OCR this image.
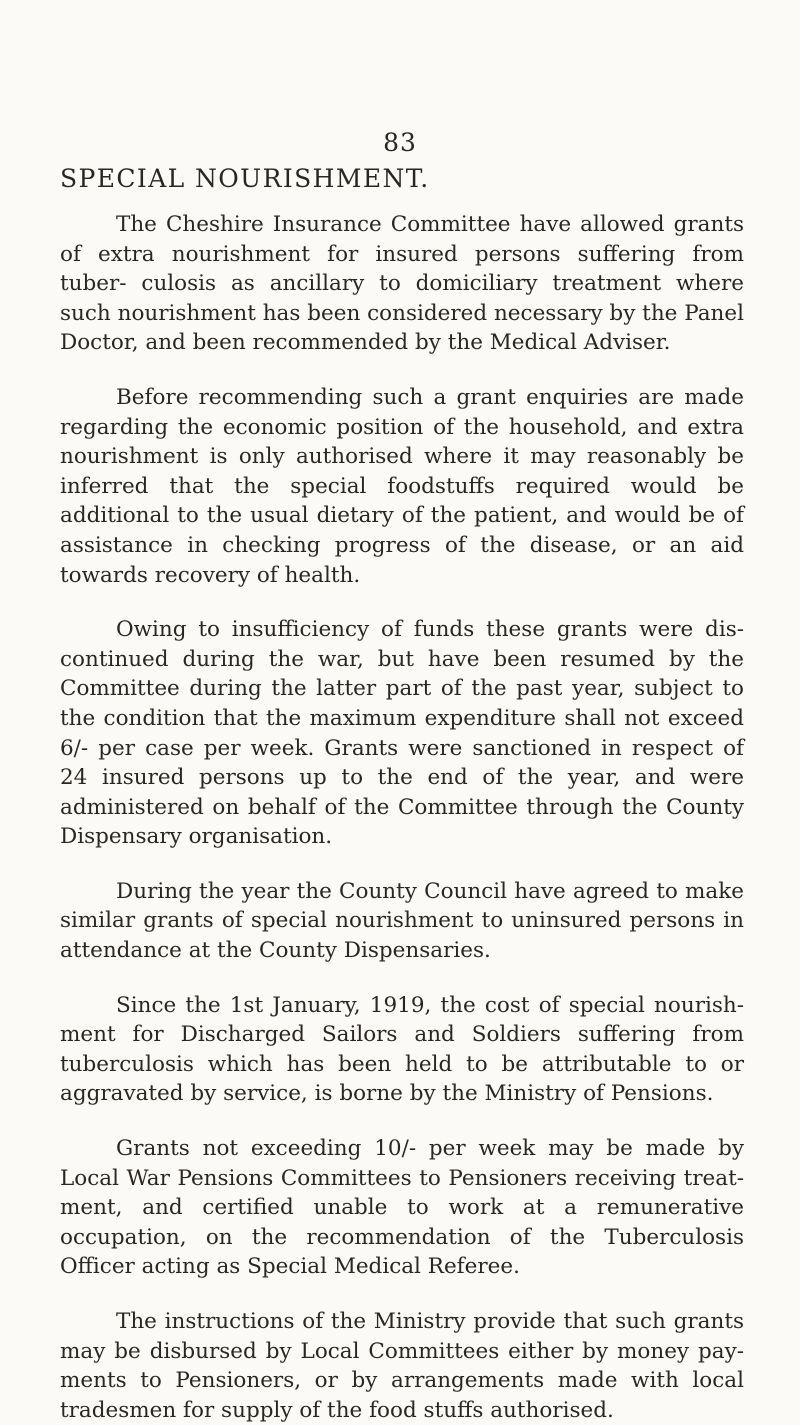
83
SPECIAL NOURISHMENT.

The Cheshire Insurance Committee have allowed grants of extra nourishment for insured persons suffering from tuber- culosis as ancillary to domiciliary treatment where such nourishment has been considered necessary by the Panel Doctor, and been recommended by the Medical Adviser.

Before recommending such a grant enquiries are made regarding the economic position of the household, and extra nourishment is only authorised where it may reasonably be inferred that the special foodstuffs required would be additional to the usual dietary of the patient, and would be of assistance in checking progress of the disease, or an aid towards recovery of health.

Owing to insufficiency of funds these grants were dis- continued during the war, but have been resumed by the Committee during the latter part of the past year, subject to the condition that the maximum expenditure shall not exceed 6/- per case per week. Grants were sanctioned in respect of 24 insured persons up to the end of the year, and were administered on behalf of the Committee through the County Dispensary organisation.

During the year the County Council have agreed to make similar grants of special nourishment to uninsured persons in attendance at the County Dispensaries.

Since the 1st January, 1919, the cost of special nourish- ment for Discharged Sailors and Soldiers suffering from tuberculosis which has been held to be attributable to or aggravated by service, is borne by the Ministry of Pensions.

Grants not exceeding 10/- per week may be made by Local War Pensions Committees to Pensioners receiving treat- ment, and certified unable to work at a remunerative occupation, on the recommendation of the Tuberculosis Officer acting as Special Medical Referee.

The instructions of the Ministry provide that such grants may be disbursed by Local Committees either by money pay- ments to Pensioners, or by arrangements made with local tradesmen for supply of the food stuffs authorised.
